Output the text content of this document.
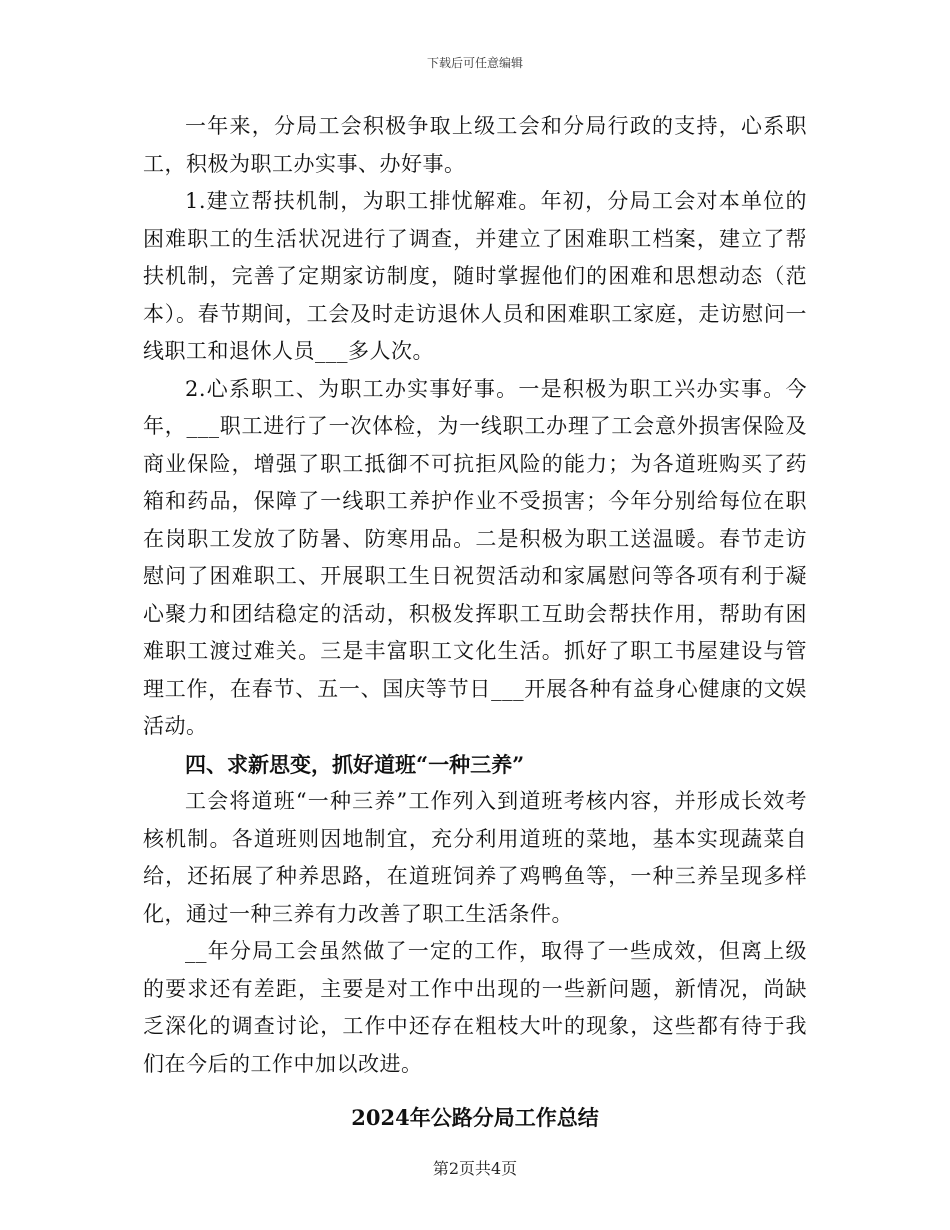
下载后可任意编辑

一年来，分局工会积极争取上级工会和分局行政的支持，心系职工，积极为职工办实事、办好事。

1.建立帮扶机制，为职工排忧解难。年初，分局工会对本单位的困难职工的生活状况进行了调查，并建立了困难职工档案，建立了帮扶机制，完善了定期家访制度，随时掌握他们的困难和思想动态（范本）。春节期间，工会及时走访退休人员和困难职工家庭，走访慰问一线职工和退休人员___多人次。

2.心系职工、为职工办实事好事。一是积极为职工兴办实事。今年，___职工进行了一次体检，为一线职工办理了工会意外损害保险及商业保险，增强了职工抵御不可抗拒风险的能力；为各道班购买了药箱和药品，保障了一线职工养护作业不受损害；今年分别给每位在职在岗职工发放了防暑、防寒用品。二是积极为职工送温暖。春节走访慰问了困难职工、开展职工生日祝贺活动和家属慰问等各项有利于凝心聚力和团结稳定的活动，积极发挥职工互助会帮扶作用，帮助有困难职工渡过难关。三是丰富职工文化生活。抓好了职工书屋建设与管理工作，在春节、五一、国庆等节日___开展各种有益身心健康的文娱活动。

四、求新思变，抓好道班“一种三养”

工会将道班“一种三养”工作列入到道班考核内容，并形成长效考核机制。各道班则因地制宜，充分利用道班的菜地，基本实现蔬菜自给，还拓展了种养思路，在道班饲养了鸡鸭鱼等，一种三养呈现多样化，通过一种三养有力改善了职工生活条件。

__年分局工会虽然做了一定的工作，取得了一些成效，但离上级的要求还有差距，主要是对工作中出现的一些新问题，新情况，尚缺乏深化的调查讨论，工作中还存在粗枝大叶的现象，这些都有待于我们在今后的工作中加以改进。

2024年公路分局工作总结

第2页共4页
